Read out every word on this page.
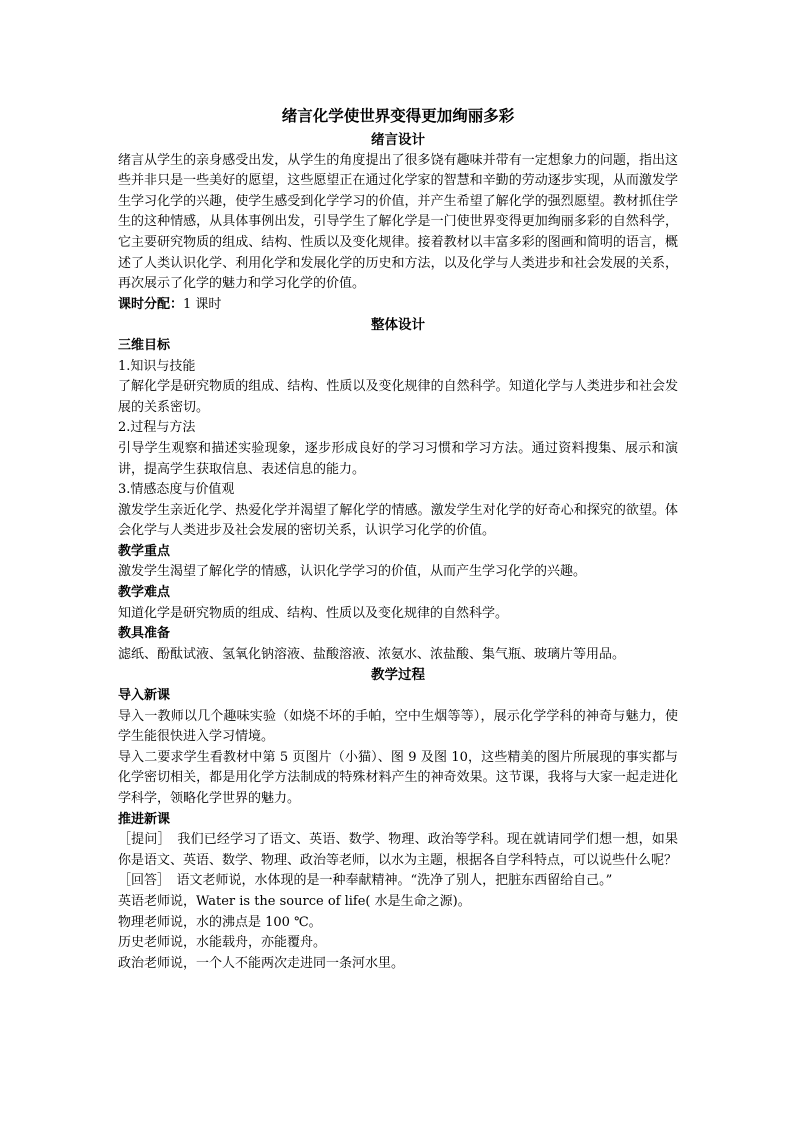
绪言化学使世界变得更加绚丽多彩
绪言设计

绪言从学生的亲身感受出发，从学生的角度提出了很多饶有趣味并带有一定想象力的问题，指出这些并非只是一些美好的愿望，这些愿望正在通过化学家的智慧和辛勤的劳动逐步实现，从而激发学生学习化学的兴趣，使学生感受到化学学习的价值，并产生希望了解化学的强烈愿望。教材抓住学生的这种情感，从具体事例出发，引导学生了解化学是一门使世界变得更加绚丽多彩的自然科学，它主要研究物质的组成、结构、性质以及变化规律。接着教材以丰富多彩的图画和简明的语言，概述了人类认识化学、利用化学和发展化学的历史和方法，以及化学与人类进步和社会发展的关系，再次展示了化学的魅力和学习化学的价值。

课时分配：1 课时

整体设计
三维目标

1.知识与技能

了解化学是研究物质的组成、结构、性质以及变化规律的自然科学。知道化学与人类进步和社会发展的关系密切。

2.过程与方法

引导学生观察和描述实验现象，逐步形成良好的学习习惯和学习方法。通过资料搜集、展示和演讲，提高学生获取信息、表述信息的能力。

3.情感态度与价值观

激发学生亲近化学、热爱化学并渴望了解化学的情感。激发学生对化学的好奇心和探究的欲望。体会化学与人类进步及社会发展的密切关系，认识学习化学的价值。

教学重点

激发学生渴望了解化学的情感，认识化学学习的价值，从而产生学习化学的兴趣。

教学难点

知道化学是研究物质的组成、结构、性质以及变化规律的自然科学。

教具准备

滤纸、酚酞试液、氢氧化钠溶液、盐酸溶液、浓氨水、浓盐酸、集气瓶、玻璃片等用品。

教学过程
导入新课

导入一教师以几个趣味实验（如烧不坏的手帕，空中生烟等等），展示化学学科的神奇与魅力，使学生能很快进入学习情境。

导入二要求学生看教材中第 5 页图片（小猫）、图 9 及图 10，这些精美的图片所展现的事实都与化学密切相关，都是用化学方法制成的特殊材料产生的神奇效果。这节课，我将与大家一起走进化学科学，领略化学世界的魅力。

推进新课

［提问］　我们已经学习了语文、英语、数学、物理、政治等学科。现在就请同学们想一想，如果你是语文、英语、数学、物理、政治等老师，以水为主题，根据各自学科特点，可以说些什么呢？

［回答］　语文老师说，水体现的是一种奉献精神。“洗净了别人，把脏东西留给自己。”

英语老师说，Water is the source of life( 水是生命之源)。

物理老师说，水的沸点是 100 ℃。

历史老师说，水能载舟，亦能覆舟。

政治老师说，一个人不能两次走进同一条河水里。
